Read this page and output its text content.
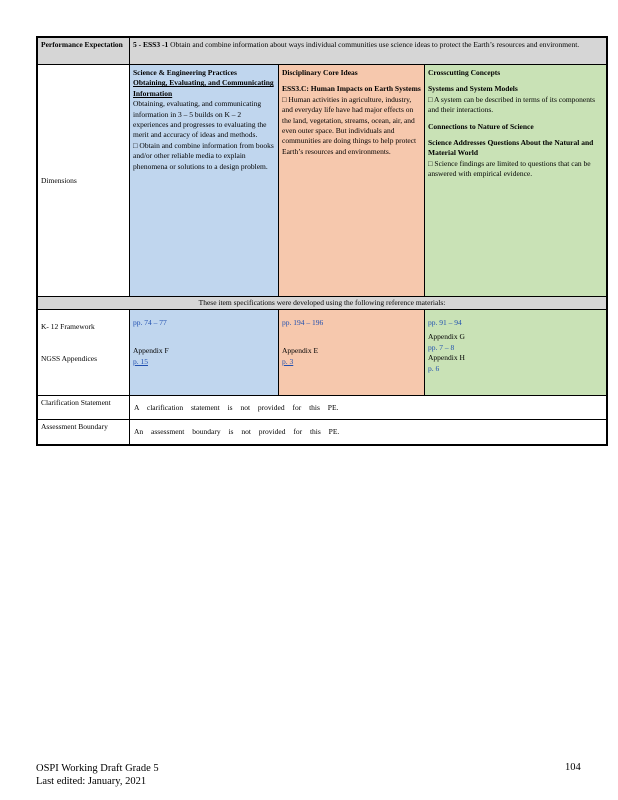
Performance Expectation	5 - ESS3 -1 Obtain and combine information about ways individual communities use science ideas to protect the Earth’s resources and environment.
Dimensions
Science & Engineering Practices
Obtaining, Evaluating, and Communicating Information
Obtaining, evaluating, and communicating information in 3 – 5 builds on K – 2 experiences and progresses to evaluating the merit and accuracy of ideas and methods.
□ Obtain and combine information from books and/or other reliable media to explain phenomena or solutions to a design problem.
Disciplinary Core Ideas
ESS3.C: Human Impacts on Earth Systems
□ Human activities in agriculture, industry, and everyday life have had major effects on the land, vegetation, streams, ocean, air, and even outer space. But individuals and communities are doing things to help protect Earth’s resources and environments.
Crosscutting Concepts
Systems and System Models
□ A system can be described in terms of its components and their interactions.
Connections to Nature of Science
Science Addresses Questions About the Natural and Material World
□ Science findings are limited to questions that can be answered with empirical evidence.
These item specifications were developed using the following reference materials:
K- 12 Framework
NGSS Appendices
pp. 74 – 77
Appendix F
p. 15
pp. 194 – 196
Appendix E
p. 3
pp. 91 – 94
Appendix G
pp. 7 – 8
Appendix H
p. 6
Clarification Statement
A clarification statement is not provided for this PE.
Assessment Boundary
An assessment boundary is not provided for this PE.
OSPI Working Draft Grade 5
Last edited: January, 2021
104
